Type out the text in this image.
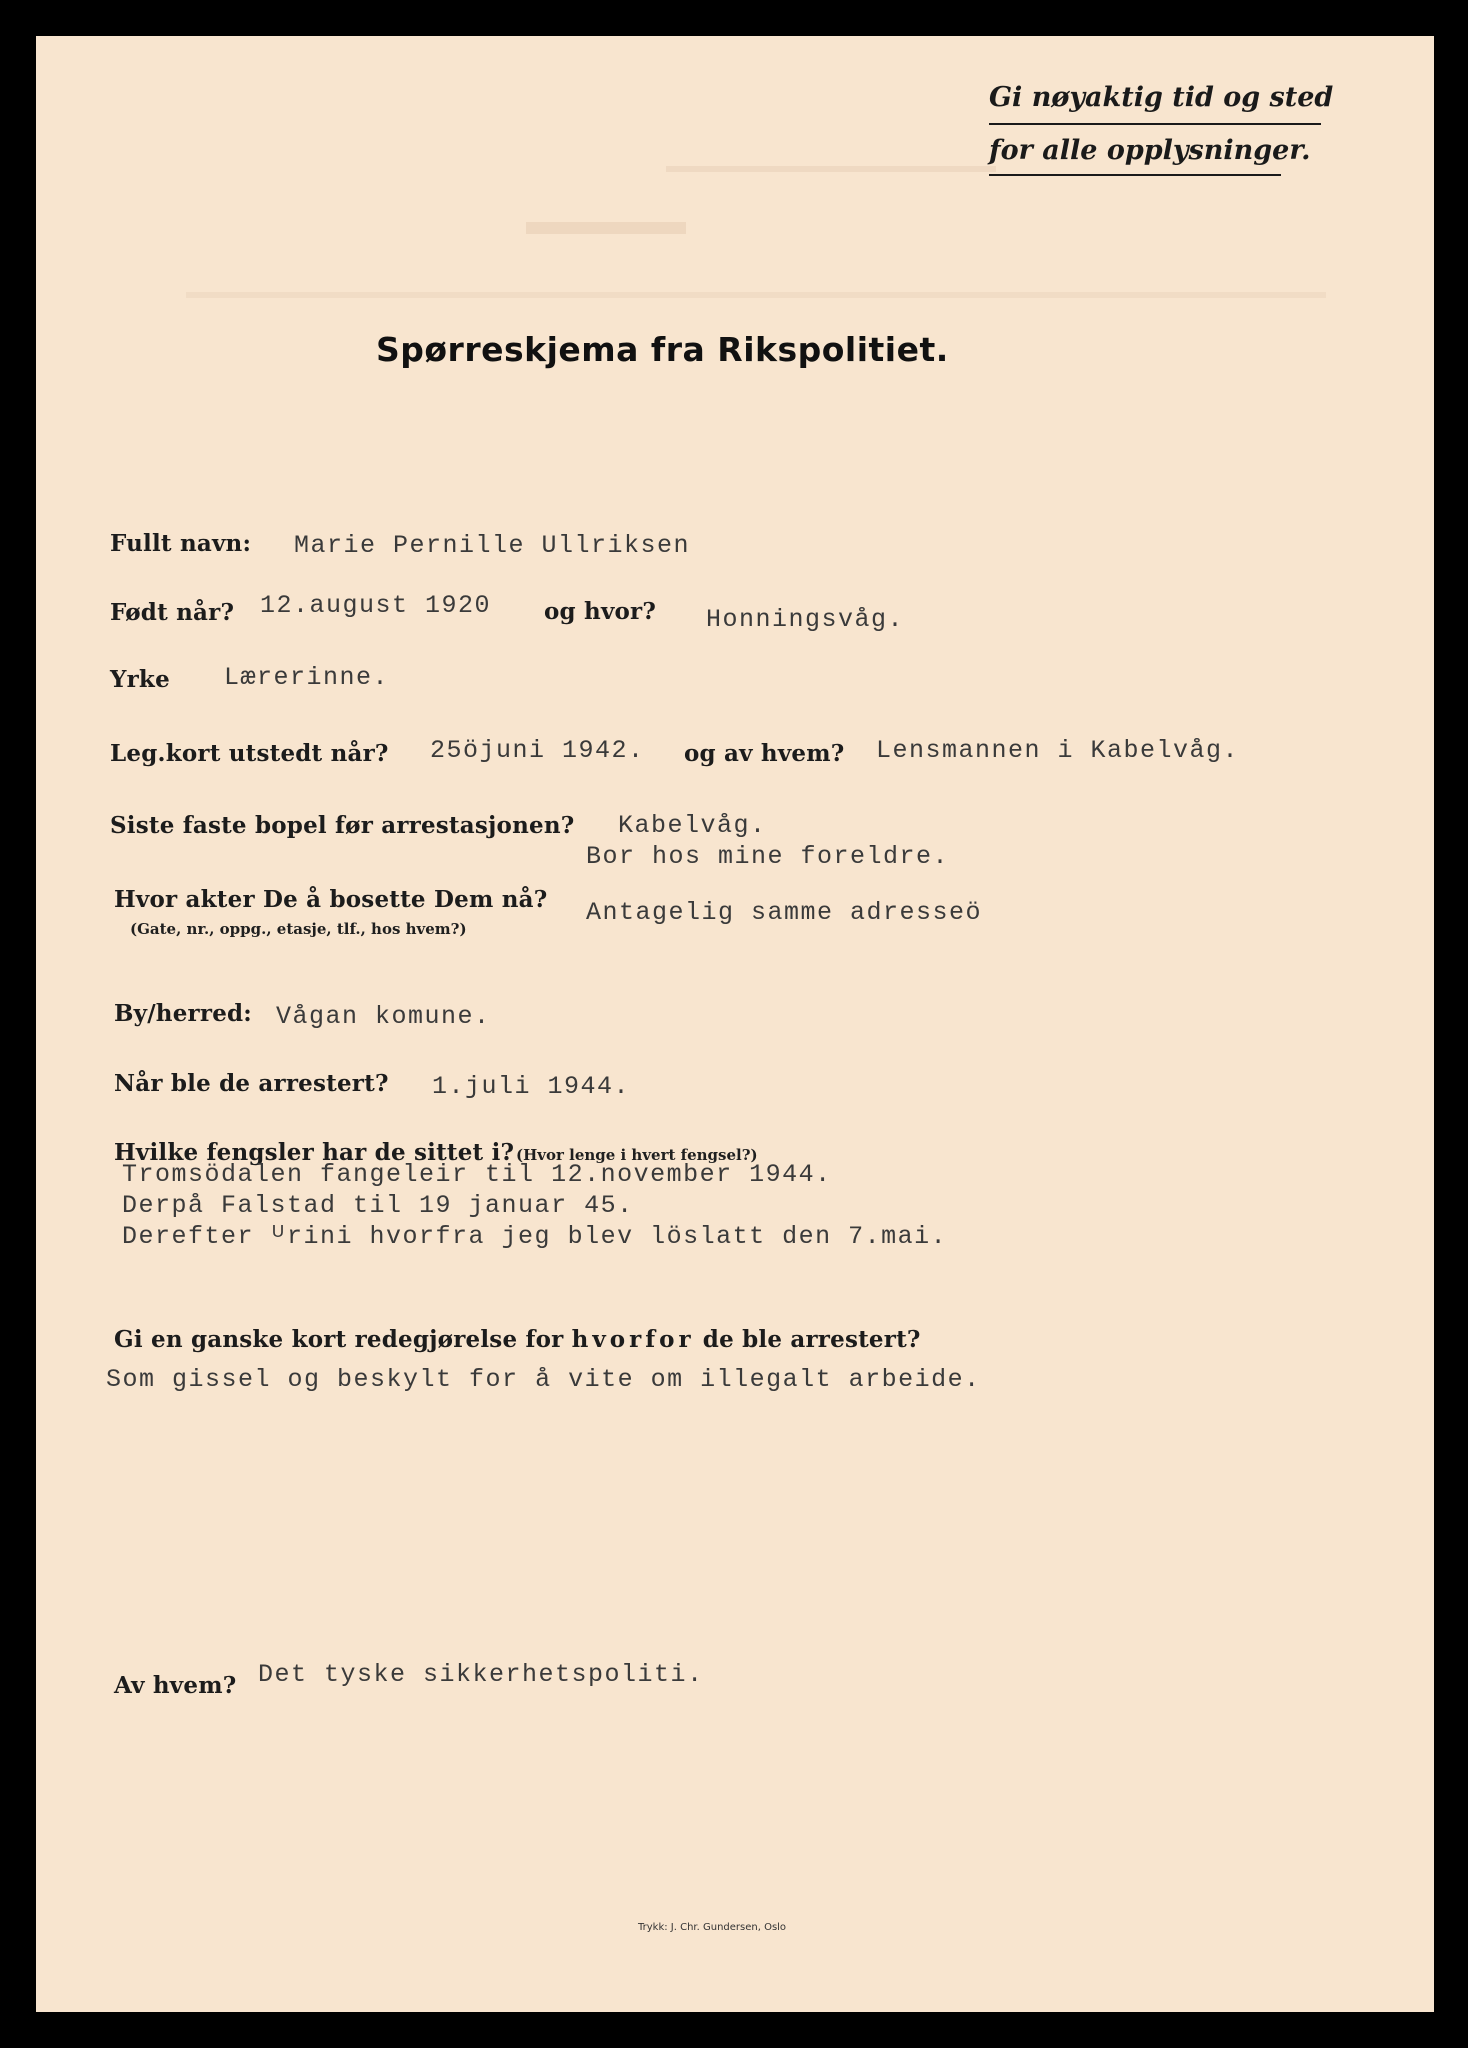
Gi nøyaktig tid og sted
for alle opplysninger.
Spørreskjema fra Rikspolitiet.
Fullt navn: Marie Pernille Ullriksen
Født når? 12.august 1920 og hvor? Honningsvåg.
Yrke Lærerinne.
Leg.kort utstedt når? 25öjuni 1942. og av hvem? Lensmannen i Kabelvåg.
Siste faste bopel før arrestasjonen? Kabelvåg.
Bor hos mine foreldre.
Hvor akter De å bosette Dem nå?
(Gate, nr., oppg., etasje, tlf., hos hvem?)
Antagelig samme adresseö
By/herred: Vågan komune.
Når ble de arrestert? 1.juli 1944.
Hvilke fengsler har de sittet i? (Hvor lenge i hvert fengsel?)
Tromsödalen fangeleir til 12.november 1944.
Derpå Falstad til 19 januar 45.
Derefter ᵁrini hvorfra jeg blev löslatt den 7.mai.
Gi en ganske kort redegjørelse for hvorfor de ble arrestert?
Som gissel og beskylt for å vite om illegalt arbeide.
Av hvem? Det tyske sikkerhetspoliti.
Trykk: J. Chr. Gundersen, Oslo
